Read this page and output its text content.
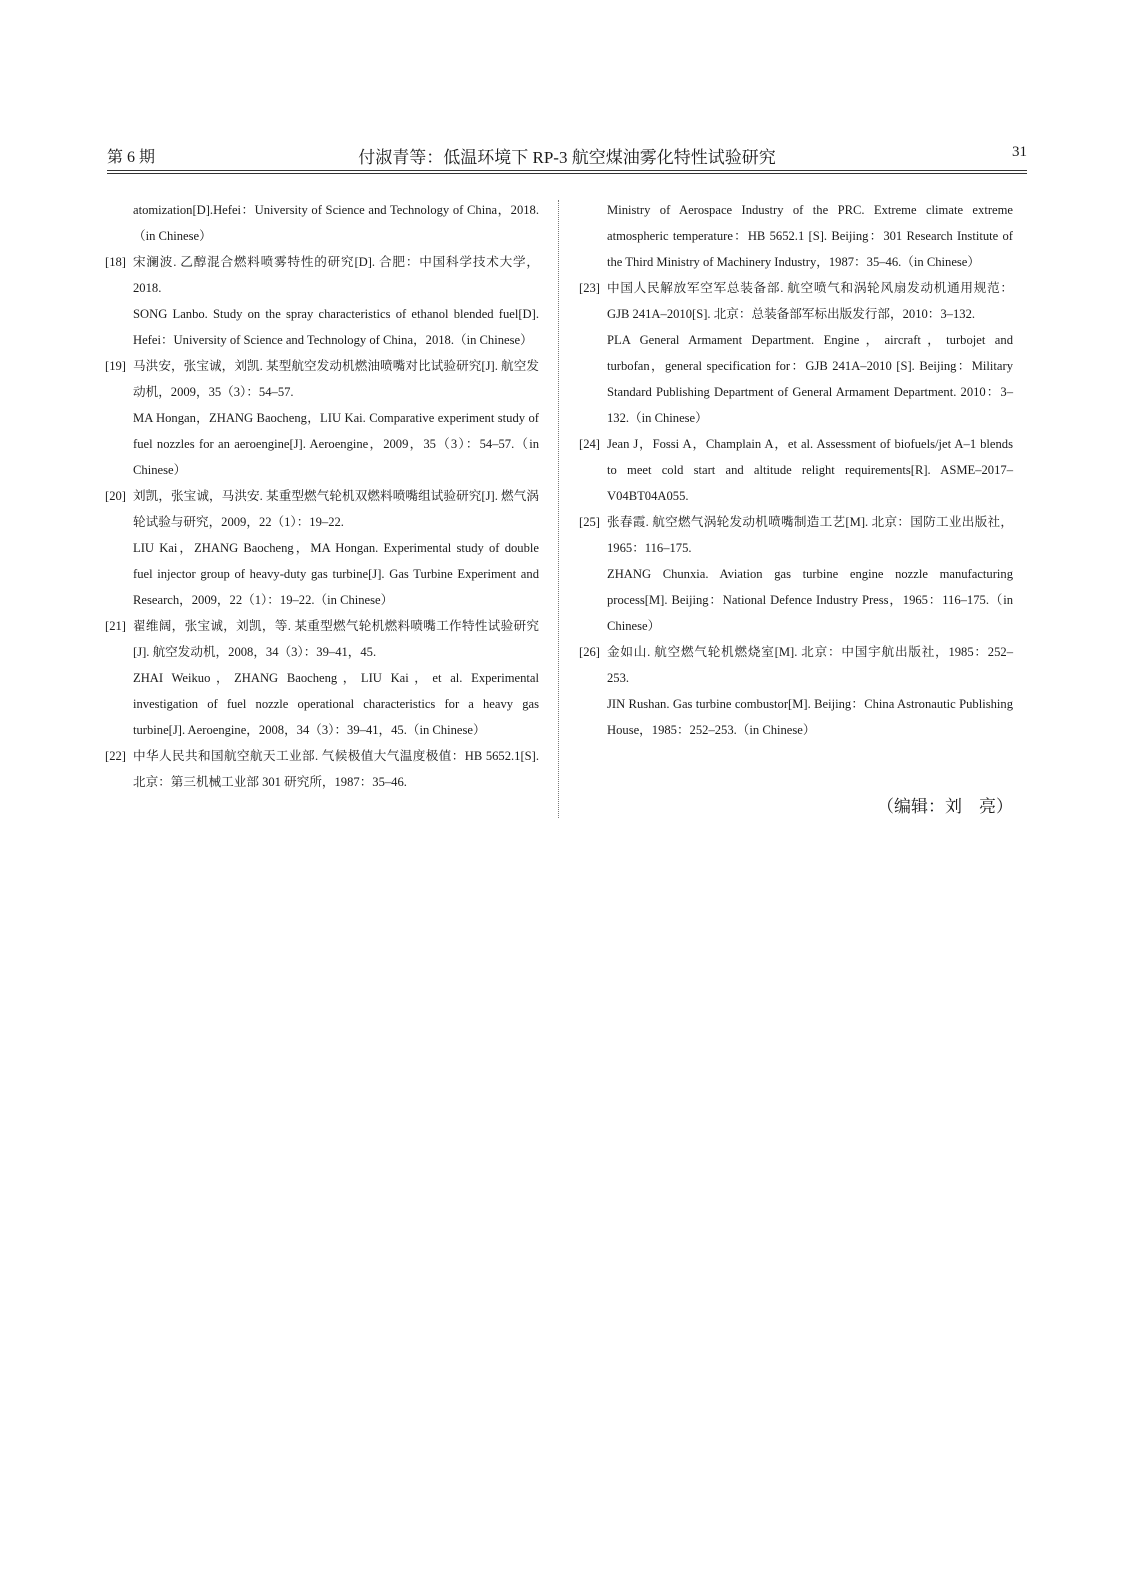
第 6 期	付淑青等：低温环境下 RP-3 航空煤油雾化特性试验研究	31
atomization[D].Hefei：University of Science and Technology of China，2018.（in Chinese）
[18] 宋澜波. 乙醇混合燃料喷雾特性的研究[D]. 合肥：中国科学技术大学，2018.
SONG Lanbo. Study on the spray characteristics of ethanol blended fuel[D]. Hefei：University of Science and Technology of China，2018.（in Chinese）
[19] 马洪安，张宝诚，刘凯. 某型航空发动机燃油喷嘴对比试验研究[J]. 航空发动机，2009，35（3）：54–57.
MA Hongan，ZHANG Baocheng，LIU Kai. Comparative experiment study of fuel nozzles for an aeroengine[J]. Aeroengine，2009，35（3）：54–57.（in Chinese）
[20] 刘凯，张宝诚，马洪安. 某重型燃气轮机双燃料喷嘴组试验研究[J]. 燃气涡轮试验与研究，2009，22（1）：19–22.
LIU Kai，ZHANG Baocheng，MA Hongan. Experimental study of double fuel injector group of heavy-duty gas turbine[J]. Gas Turbine Experiment and Research，2009，22（1）：19–22.（in Chinese）
[21] 翟维阔，张宝诚，刘凯，等. 某重型燃气轮机燃料喷嘴工作特性试验研究[J]. 航空发动机，2008，34（3）：39–41，45.
ZHAI Weikuo，ZHANG Baocheng，LIU Kai，et al. Experimental investigation of fuel nozzle operational characteristics for a heavy gas turbine[J]. Aeroengine，2008，34（3）：39–41，45.（in Chinese）
[22] 中华人民共和国航空航天工业部. 气候极值大气温度极值：HB 5652.1[S]. 北京：第三机械工业部 301 研究所，1987：35–46.
Ministry of Aerospace Industry of the PRC. Extreme climate extreme atmospheric temperature：HB 5652.1 [S]. Beijing：301 Research Institute of the Third Ministry of Machinery Industry，1987：35–46.（in Chinese）
[23] 中国人民解放军空军总装备部. 航空喷气和涡轮风扇发动机通用规范：GJB 241A–2010[S]. 北京：总装备部军标出版发行部，2010：3–132.
PLA General Armament Department. Engine，aircraft，turbojet and turbofan，general specification for：GJB 241A–2010 [S]. Beijing：Military Standard Publishing Department of General Armament Department. 2010：3–132.（in Chinese）
[24] Jean J，Fossi A，Champlain A，et al. Assessment of biofuels/jet A–1 blends to meet cold start and altitude relight requirements[R]. ASME–2017–V04BT04A055.
[25] 张春霞. 航空燃气涡轮发动机喷嘴制造工艺[M]. 北京：国防工业出版社，1965：116–175.
ZHANG Chunxia. Aviation gas turbine engine nozzle manufacturing process[M]. Beijing：National Defence Industry Press，1965：116–175.（in Chinese）
[26] 金如山. 航空燃气轮机燃烧室[M]. 北京：中国宇航出版社，1985：252–253.
JIN Rushan. Gas turbine combustor[M]. Beijing：China Astronautic Publishing House，1985：252–253.（in Chinese）
（编辑：刘　亮）
